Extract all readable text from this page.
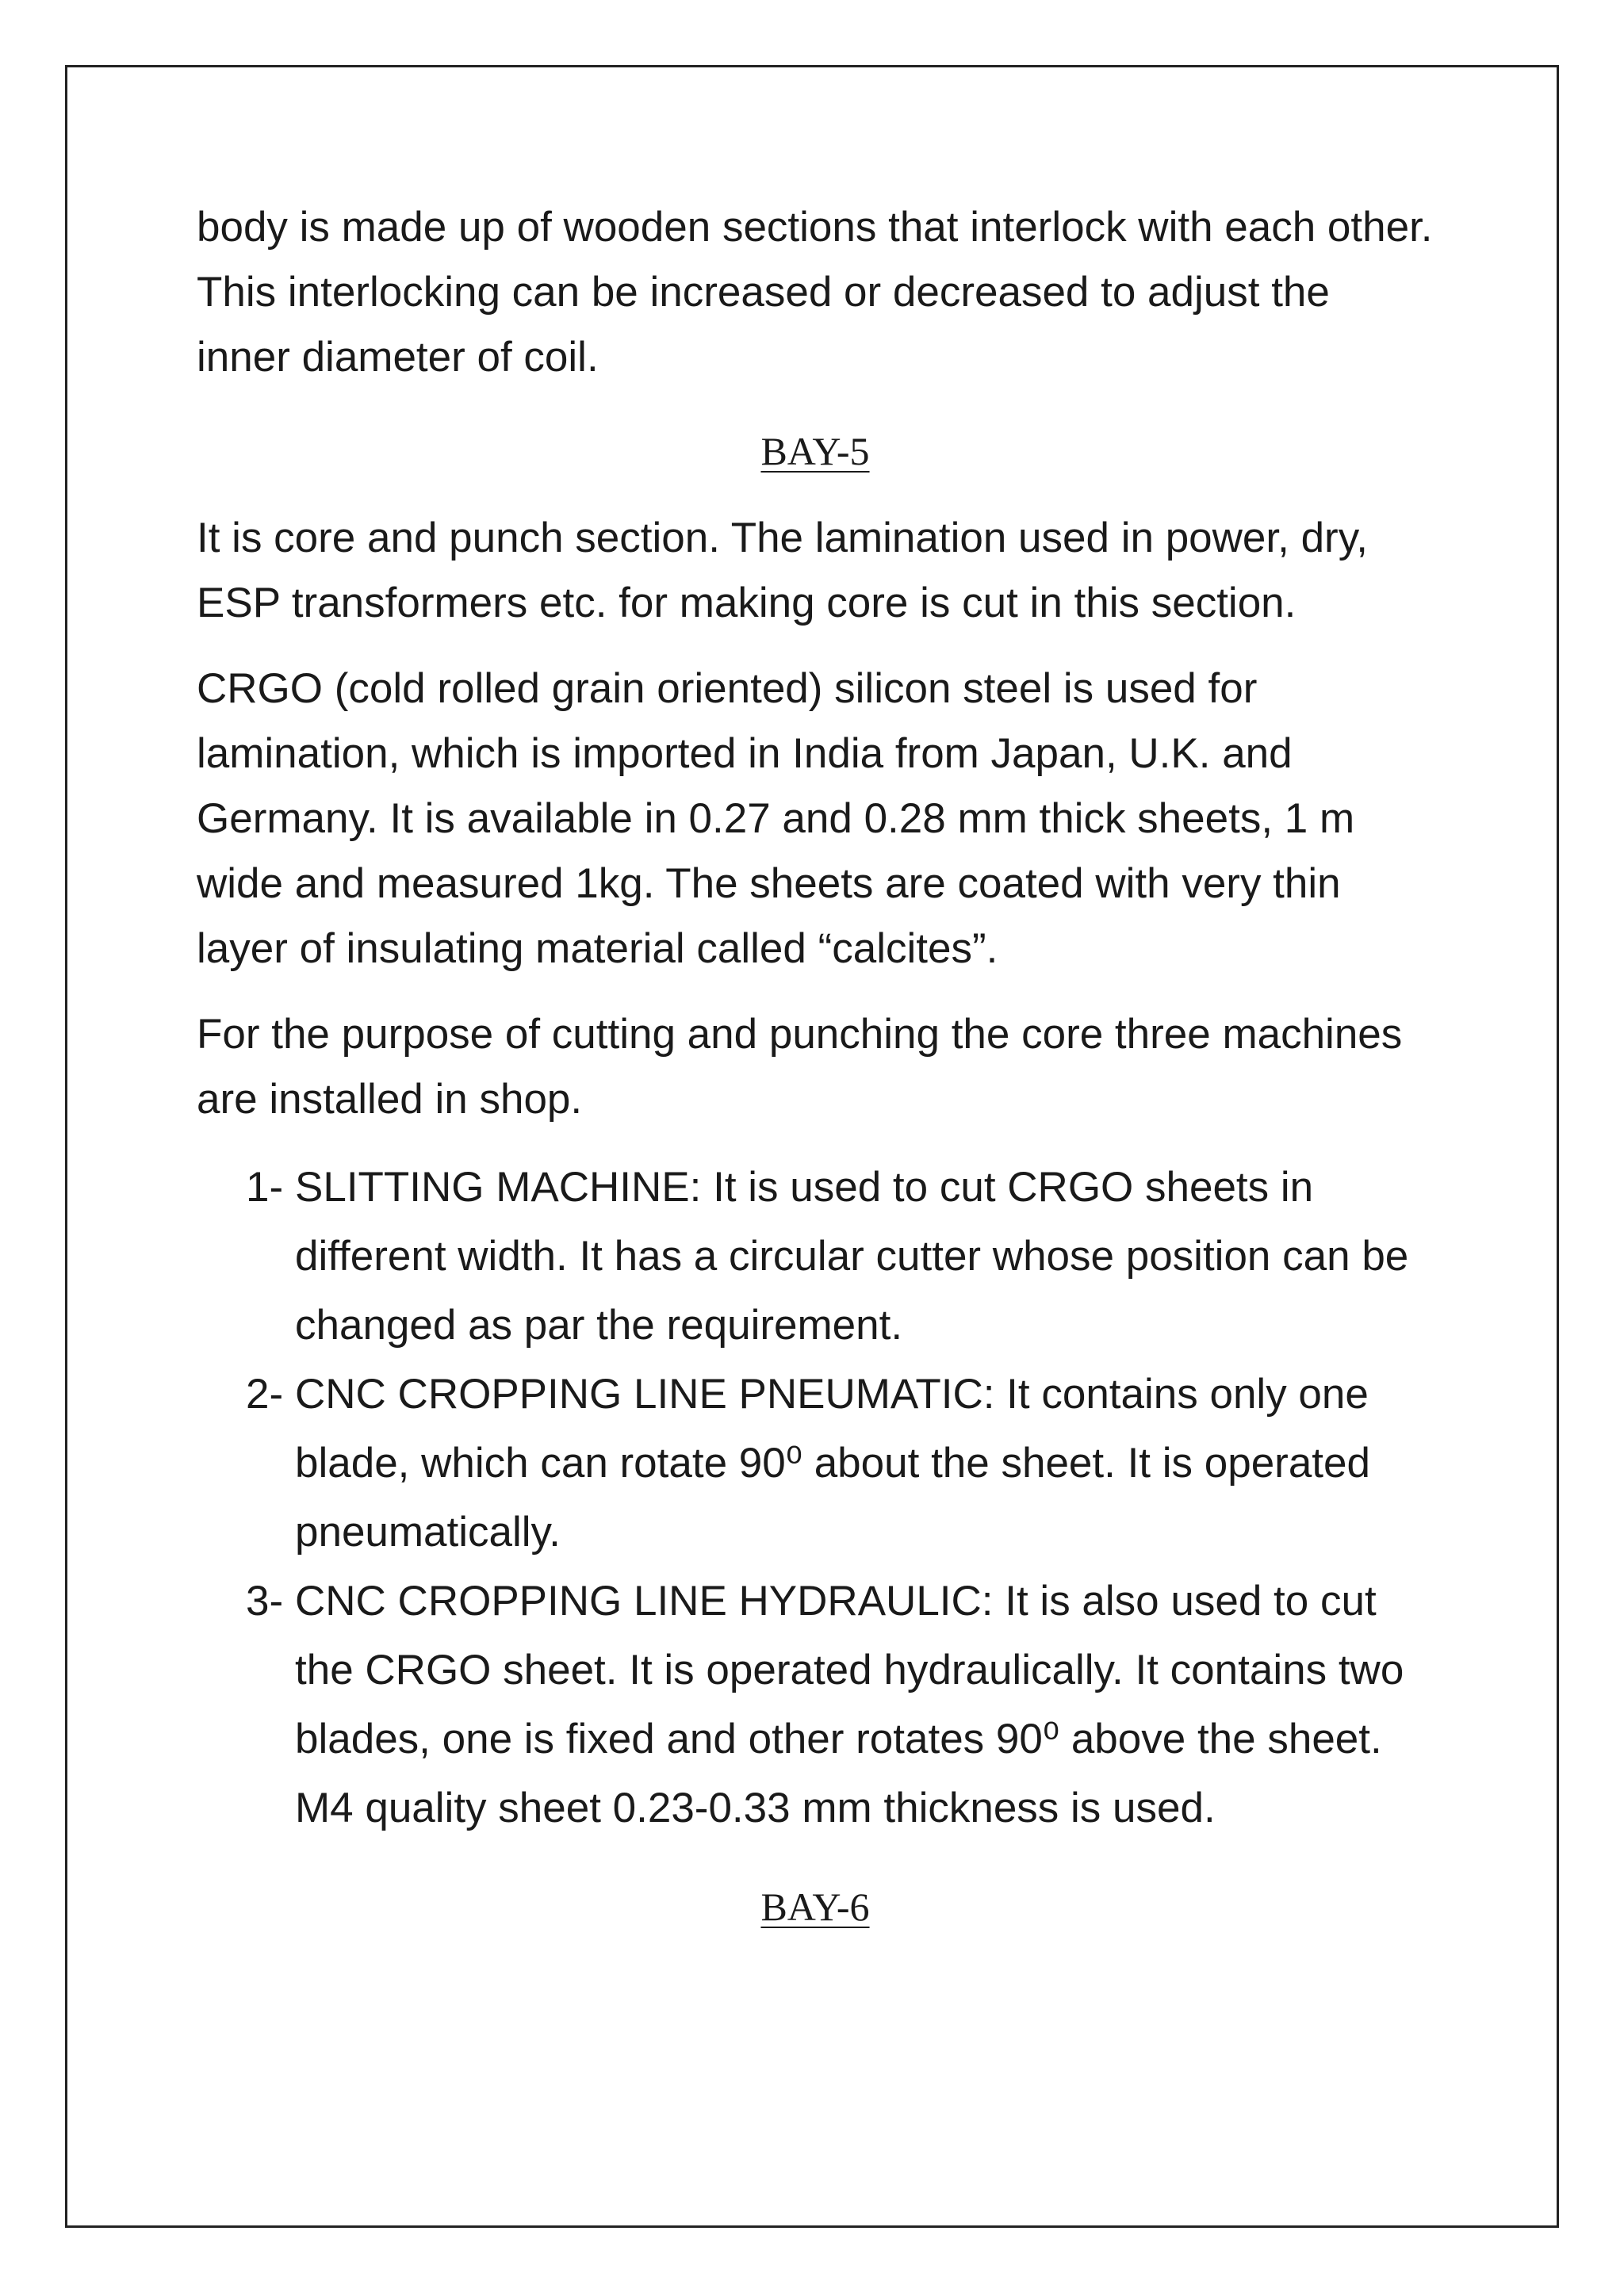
body is made up of wooden sections that interlock with each other. This interlocking can be increased or decreased to adjust the inner diameter of coil.

BAY-5

It is core and punch section. The lamination used in power, dry, ESP transformers etc. for making core is cut in this section.

CRGO (cold rolled grain oriented) silicon steel is used for lamination, which is imported in India from Japan, U.K. and Germany. It is available in 0.27 and 0.28 mm thick sheets, 1 m wide and measured 1kg. The sheets are coated with very thin layer of insulating material called “calcites”.

For the purpose of cutting and punching the core three machines are installed in shop.

1- SLITTING MACHINE: It is used to cut CRGO sheets in different width. It has a circular cutter whose position can be changed as par the requirement.
2- CNC CROPPING LINE PNEUMATIC: It contains only one blade, which can rotate 90⁰ about the sheet. It is operated pneumatically.
3- CNC CROPPING LINE HYDRAULIC: It is also used to cut the CRGO sheet. It is operated hydraulically. It contains two blades, one is fixed and other rotates 90⁰ above the sheet. M4 quality sheet 0.23-0.33 mm thickness is used.
BAY-6
